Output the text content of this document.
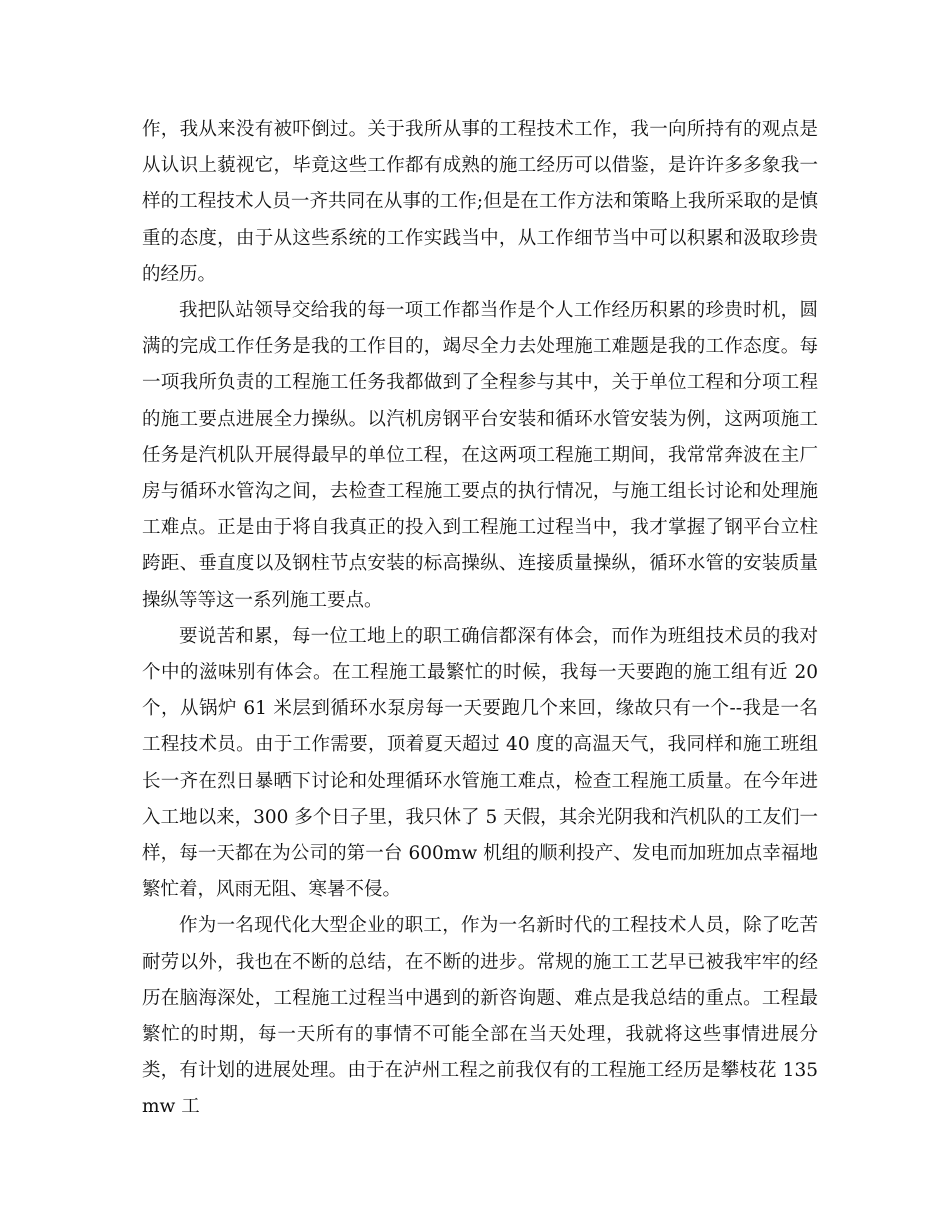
作，我从来没有被吓倒过。关于我所从事的工程技术工作，我一向所持有的观点是从认识上藐视它，毕竟这些工作都有成熟的施工经历可以借鉴，是许许多多象我一样的工程技术人员一齐共同在从事的工作;但是在工作方法和策略上我所采取的是慎重的态度，由于从这些系统的工作实践当中，从工作细节当中可以积累和汲取珍贵的经历。

我把队站领导交给我的每一项工作都当作是个人工作经历积累的珍贵时机，圆满的完成工作任务是我的工作目的，竭尽全力去处理施工难题是我的工作态度。每一项我所负责的工程施工任务我都做到了全程参与其中，关于单位工程和分项工程的施工要点进展全力操纵。以汽机房钢平台安装和循环水管安装为例，这两项施工任务是汽机队开展得最早的单位工程，在这两项工程施工期间，我常常奔波在主厂房与循环水管沟之间，去检查工程施工要点的执行情况，与施工组长讨论和处理施工难点。正是由于将自我真正的投入到工程施工过程当中，我才掌握了钢平台立柱跨距、垂直度以及钢柱节点安装的标高操纵、连接质量操纵，循环水管的安装质量操纵等等这一系列施工要点。

要说苦和累，每一位工地上的职工确信都深有体会，而作为班组技术员的我对个中的滋味别有体会。在工程施工最繁忙的时候，我每一天要跑的施工组有近 20个，从锅炉 61 米层到循环水泵房每一天要跑几个来回，缘故只有一个--我是一名工程技术员。由于工作需要，顶着夏天超过 40 度的高温天气，我同样和施工班组长一齐在烈日暴晒下讨论和处理循环水管施工难点，检查工程施工质量。在今年进入工地以来，300 多个日子里，我只休了 5 天假，其余光阴我和汽机队的工友们一样，每一天都在为公司的第一台 600mw 机组的顺利投产、发电而加班加点幸福地繁忙着，风雨无阻、寒暑不侵。

作为一名现代化大型企业的职工，作为一名新时代的工程技术人员，除了吃苦耐劳以外，我也在不断的总结，在不断的进步。常规的施工工艺早已被我牢牢的经历在脑海深处，工程施工过程当中遇到的新咨询题、难点是我总结的重点。工程最繁忙的时期，每一天所有的事情不可能全部在当天处理，我就将这些事情进展分类，有计划的进展处理。由于在泸州工程之前我仅有的工程施工经历是攀枝花 135mw 工
